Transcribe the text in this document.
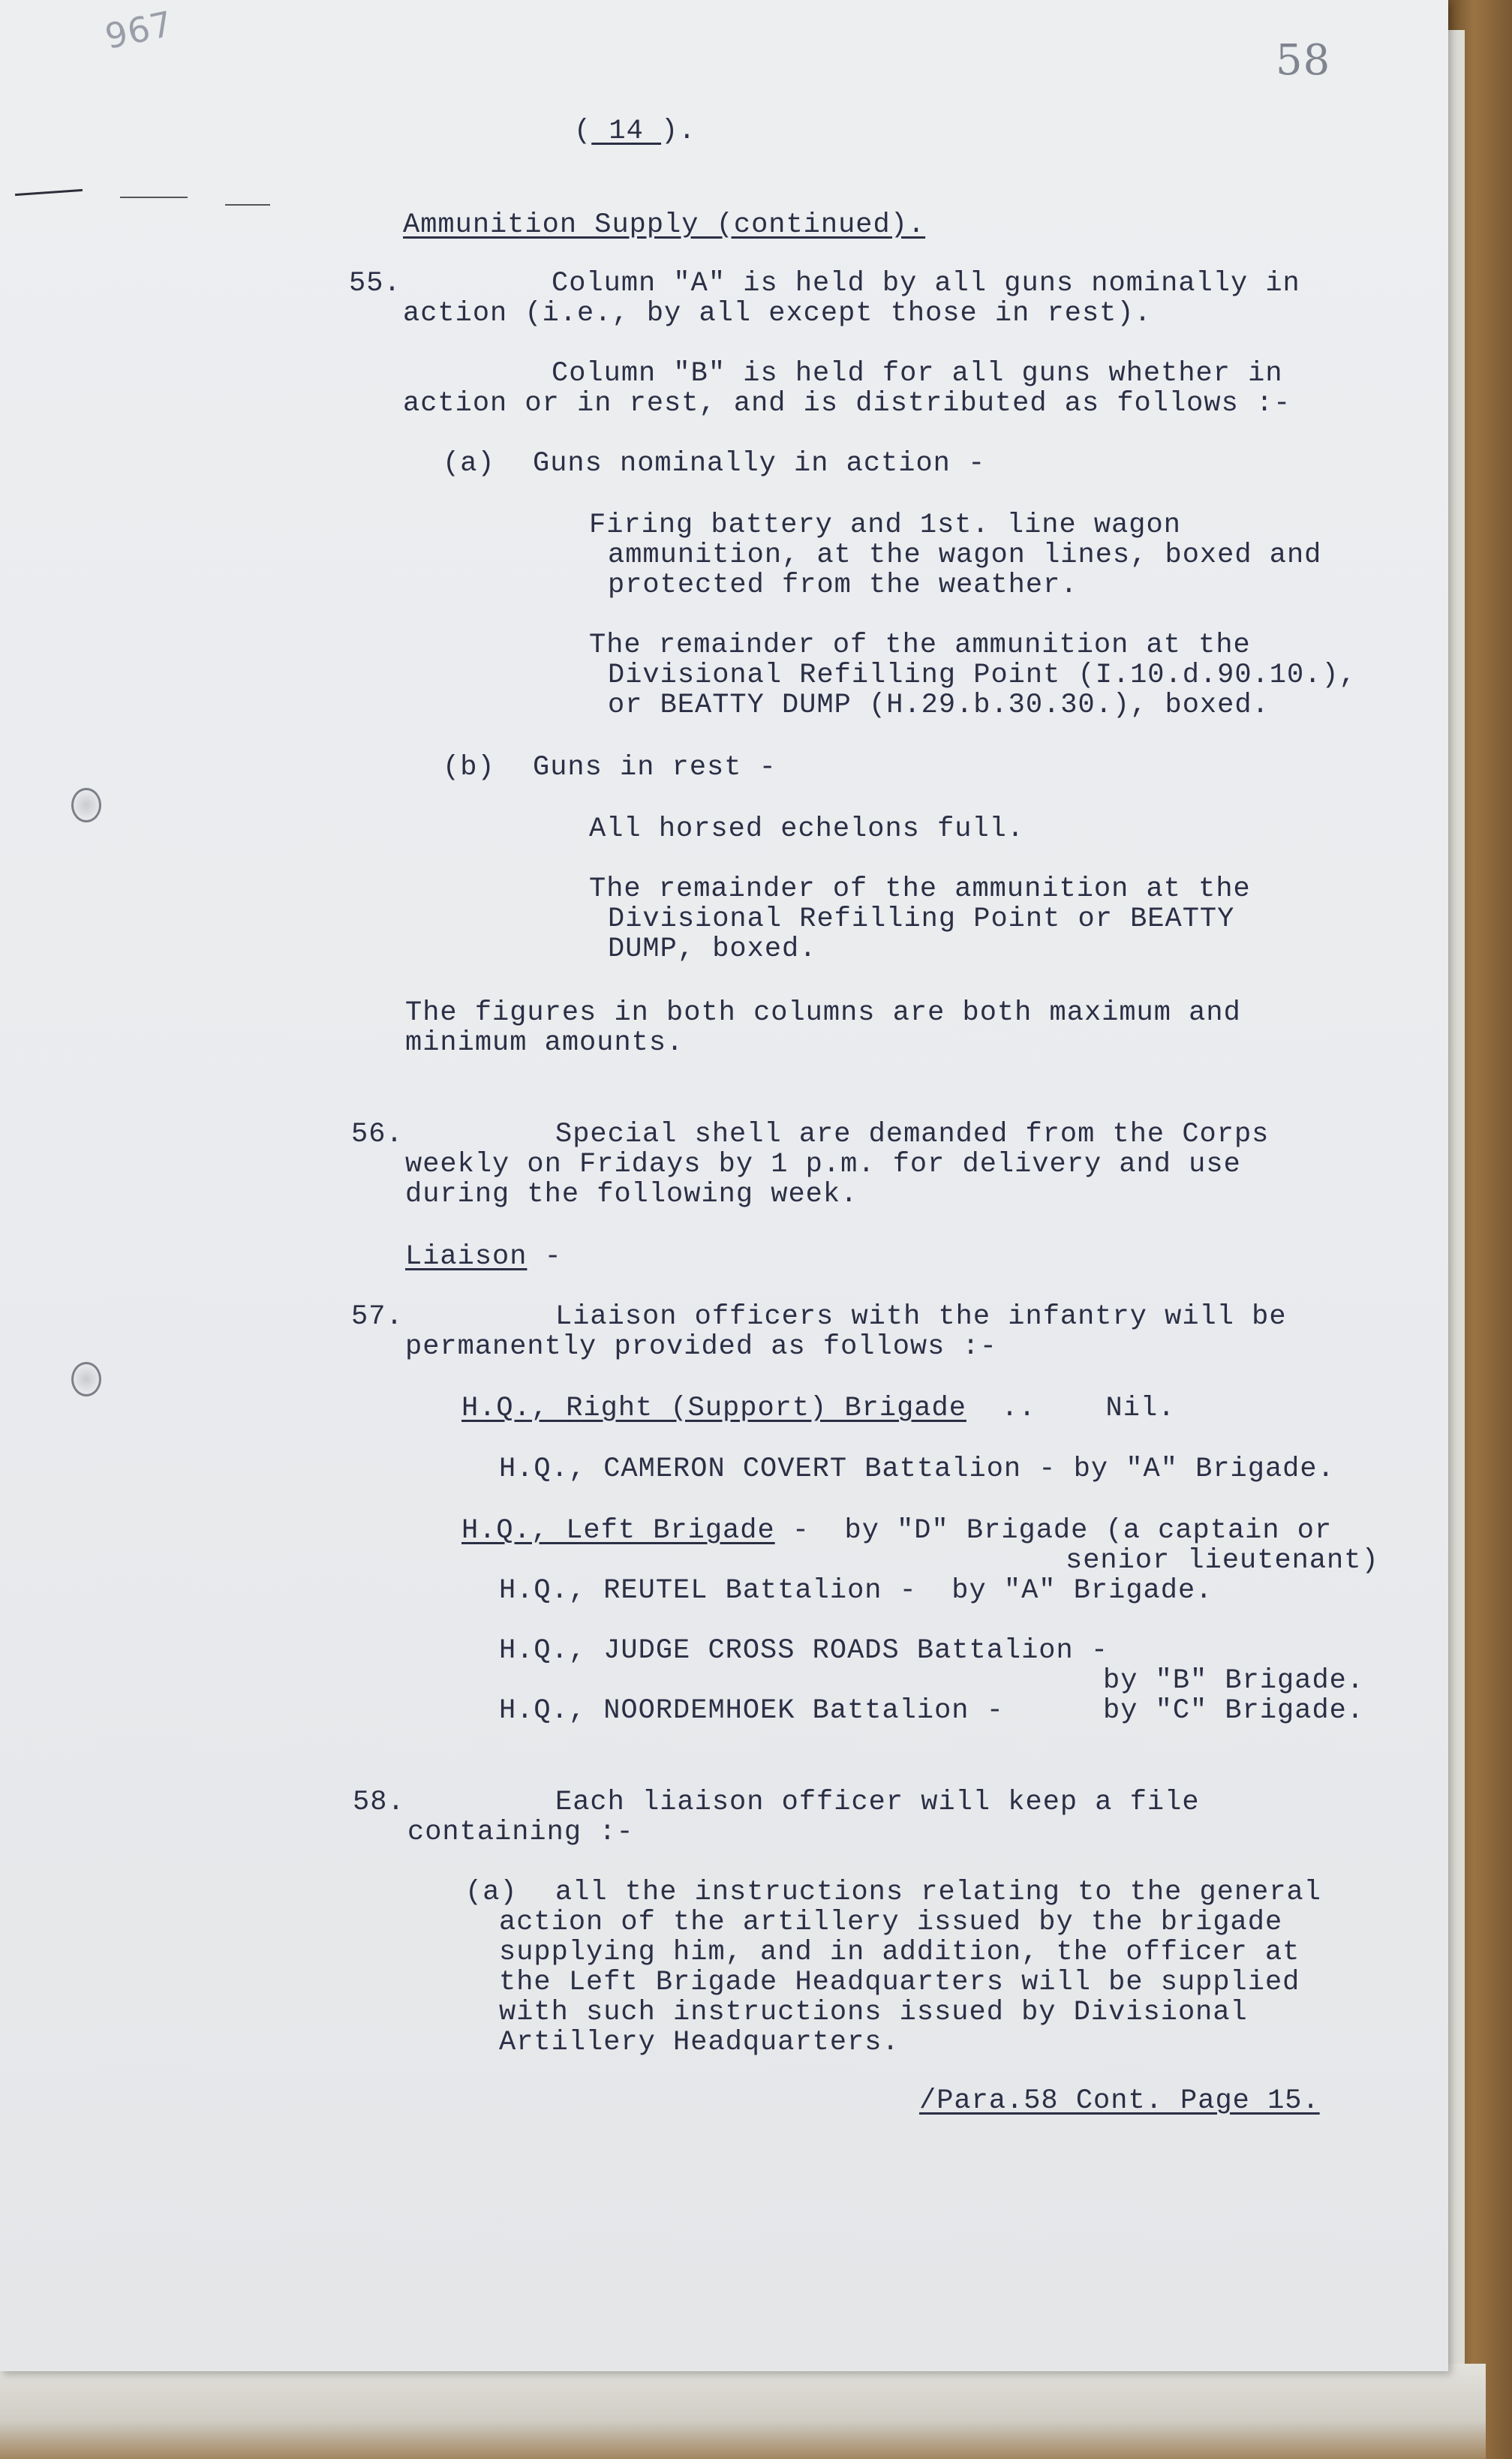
967
58
( 14 ).
Ammunition Supply (continued).
55.	Column "A" is held by all guns nominally in
action (i.e., by all except those in rest).
Column "B" is held for all guns whether in
action or in rest, and is distributed as follows :-
(a) Guns nominally in action -
Firing battery and 1st. line wagon
ammunition, at the wagon lines, boxed and
protected from the weather.
The remainder of the ammunition at the
Divisional Refilling Point (I.10.d.90.10.),
or BEATTY DUMP (H.29.b.30.30.), boxed.
(b) Guns in rest -
All horsed echelons full.
The remainder of the ammunition at the
Divisional Refilling Point or BEATTY
DUMP, boxed.
The figures in both columns are both maximum and
minimum amounts.
56.	Special shell are demanded from the Corps
weekly on Fridays by 1 p.m. for delivery and use
during the following week.
Liaison -
57.	Liaison officers with the infantry will be
permanently provided as follows :-
H.Q., Right (Support) Brigade ..    Nil.
H.Q., CAMERON COVERT Battalion - by "A" Brigade.
H.Q., Left Brigade -  by "D" Brigade (a captain or
senior lieutenant)
H.Q., REUTEL Battalion -  by "A" Brigade.
H.Q., JUDGE CROSS ROADS Battalion -
by "B" Brigade.
H.Q., NOORDEMHOEK Battalion -	by "C" Brigade.
58.	Each liaison officer will keep a file
containing :-
(a) all the instructions relating to the general
action of the artillery issued by the brigade
supplying him, and in addition, the officer at
the Left Brigade Headquarters will be supplied
with such instructions issued by Divisional
Artillery Headquarters.
/Para.58 Cont. Page 15.
